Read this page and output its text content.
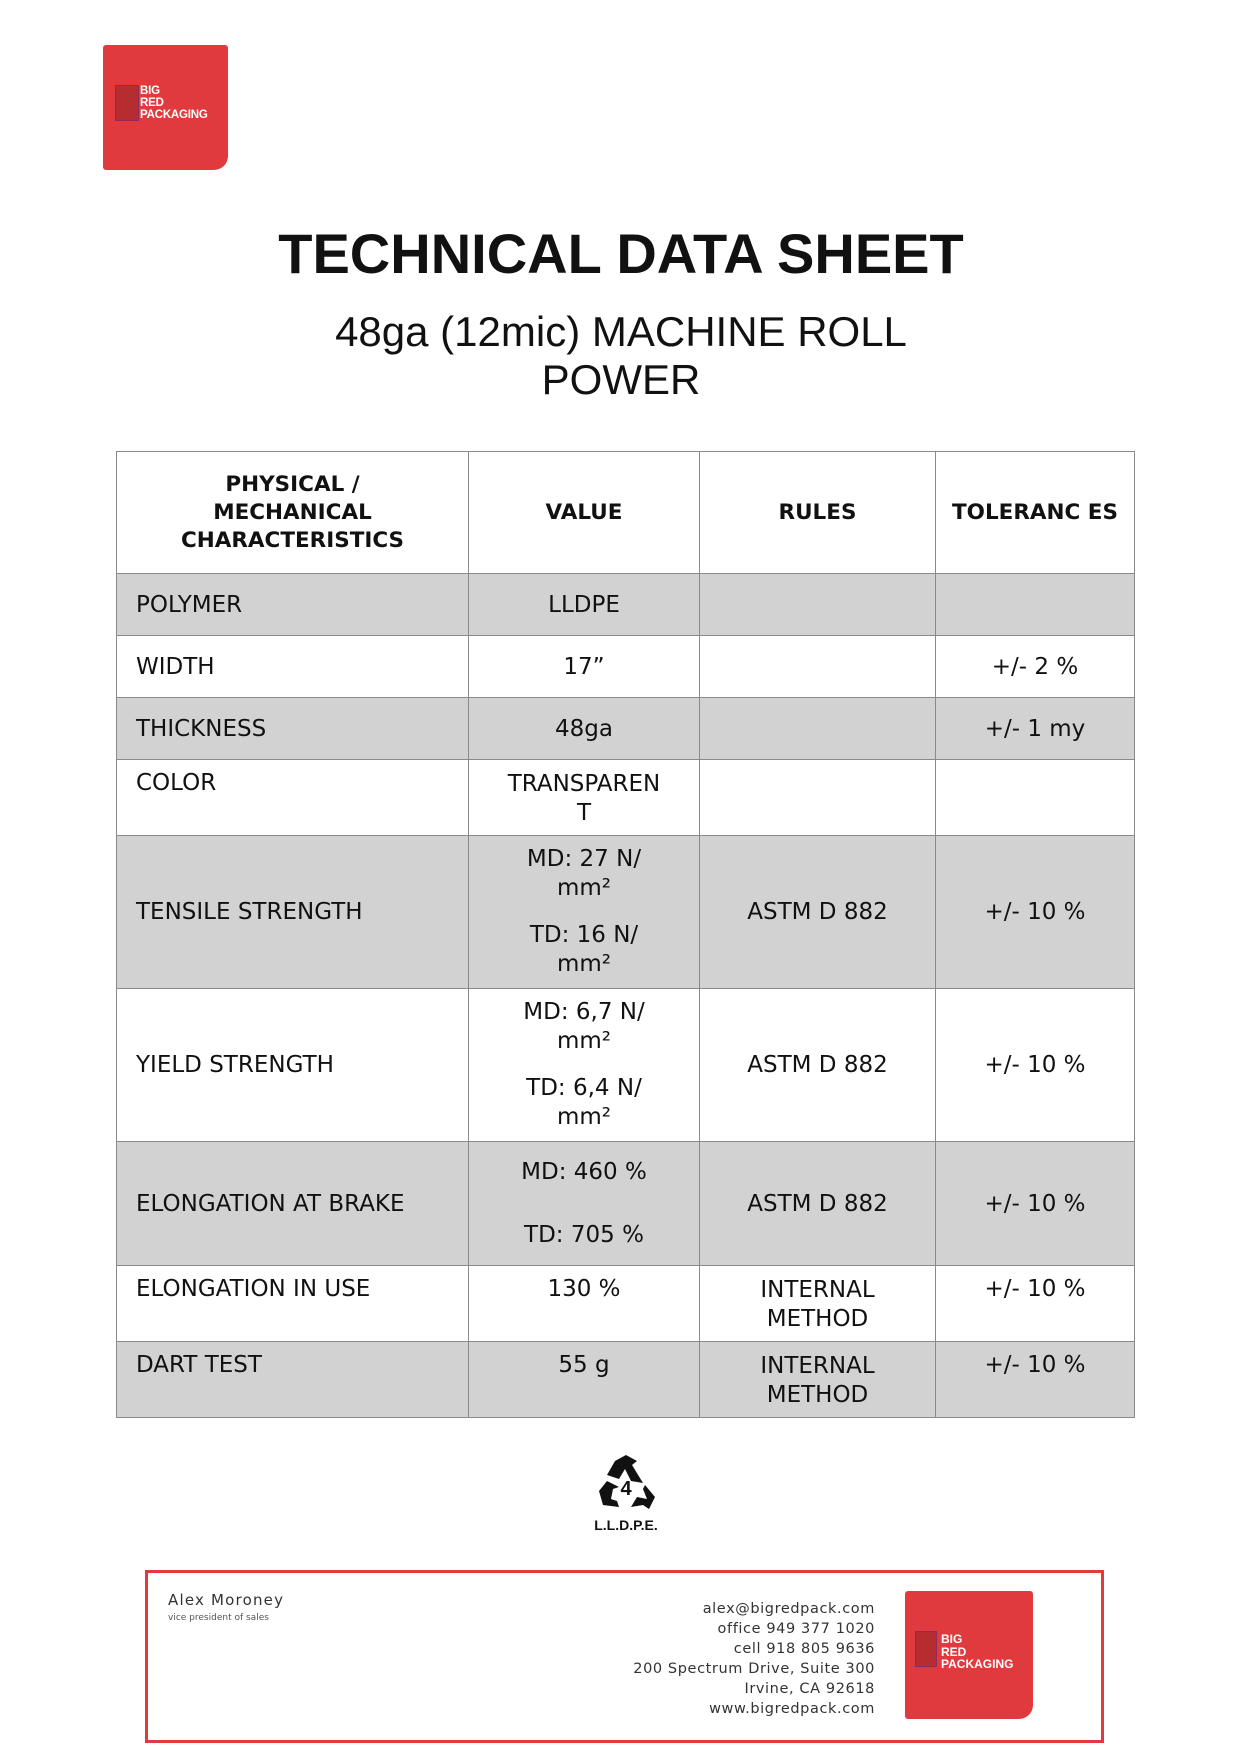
BIG
RED
PACKAGING
TECHNICAL DATA SHEET
48ga (12mic) MACHINE ROLL
POWER
PHYSICAL /
MECHANICAL
CHARACTERISTICS	VALUE	RULES	TOLERANC ES
POLYMER	LLDPE		
WIDTH	17”		+/- 2 %
THICKNESS	48ga		+/- 1 my
COLOR	TRANSPAREN
T		

TENSILE STRENGTH	MD: 27 N/
mm²
TD: 16 N/
mm²	ASTM D 882	+/- 10 %
YIELD STRENGTH	MD: 6,7 N/
mm²
TD: 6,4 N/
mm²	ASTM D 882	+/- 10 %
ELONGATION AT BRAKE	MD: 460 %
TD: 705 %	ASTM D 882	+/- 10 %
ELONGATION IN USE	130 %	INTERNAL
METHOD	+/- 10 %
DART TEST	55 g	INTERNAL
METHOD	+/- 10 %
4
L.L.D.P.E.
Alex Moroney
vice president of sales
alex@bigredpack.com
office 949 377 1020
cell 918 805 9636
200 Spectrum Drive, Suite 300
Irvine, CA 92618
www.bigredpack.com
BIG
RED
PACKAGING
